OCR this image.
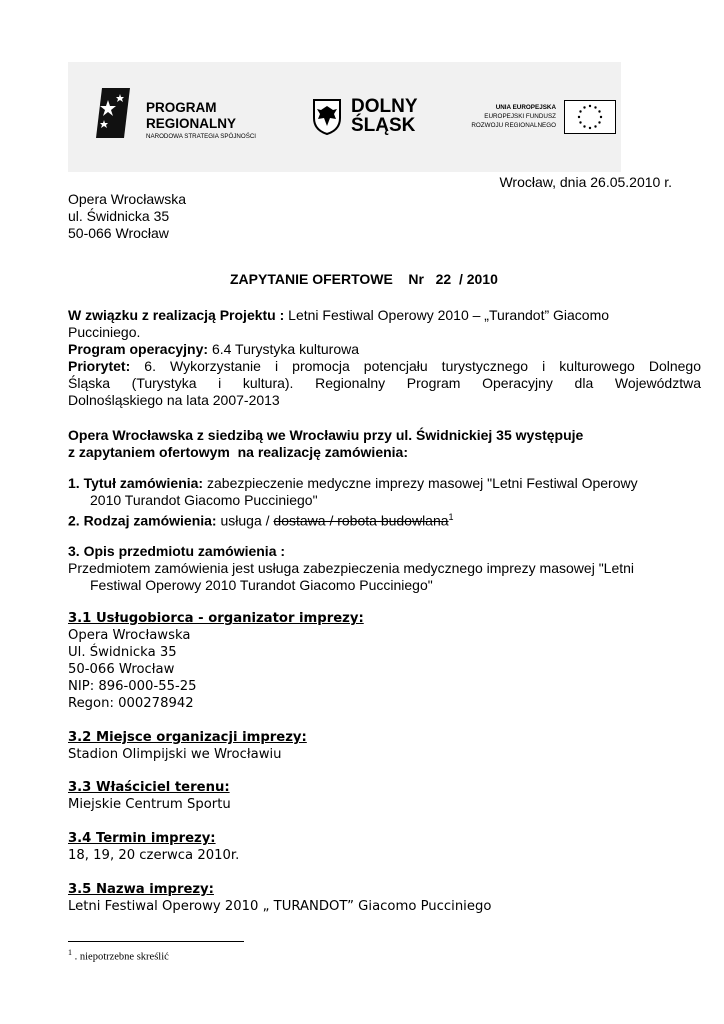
PROGRAM
REGIONALNY
NARODOWA STRATEGIA SPÓJNOŚCI
DOLNY
ŚLĄSK
UNIA EUROPEJSKA
EUROPEJSKI FUNDUSZ
ROZWOJU REGIONALNEGO
Wrocław, dnia 26.05.2010 r.
Opera Wrocławska
ul. Świdnicka 35
50-066 Wrocław
ZAPYTANIE OFERTOWE    Nr   22  / 2010
W związku z realizacją Projektu : Letni Festiwal Operowy 2010 – „Turandot” Giacomo
Pucciniego.
Program operacyjny: 6.4 Turystyka kulturowa
Priorytet: 6. Wykorzystanie i promocja potencjału turystycznego i kulturowego Dolnego
Śląska (Turystyka i kultura). Regionalny Program Operacyjny dla Województwa
Dolnośląskiego na lata 2007-2013
Opera Wrocławska z siedzibą we Wrocławiu przy ul. Świdnickiej 35 występuje
z zapytaniem ofertowym  na realizację zamówienia:
1. Tytuł zamówienia: zabezpieczenie medyczne imprezy masowej "Letni Festiwal Operowy
2010 Turandot Giacomo Pucciniego"
2. Rodzaj zamówienia: usługa / dostawa / robota budowlana$^1$
3. Opis przedmiotu zamówienia :
Przedmiotem zamówienia jest usługa zabezpieczenia medycznego imprezy masowej "Letni
Festiwal Operowy 2010 Turandot Giacomo Pucciniego"
3.1 Usługobiorca - organizator imprezy:
Opera Wrocławska
Ul. Świdnicka 35
50-066 Wrocław
NIP: 896-000-55-25
Regon: 000278942
3.2 Miejsce organizacji imprezy:
Stadion Olimpijski we Wrocławiu
3.3 Właściciel terenu:
Miejskie Centrum Sportu
3.4 Termin imprezy:
18, 19, 20 czerwca 2010r.
3.5 Nazwa imprezy:
Letni Festiwal Operowy 2010 „ TURANDOT” Giacomo Pucciniego
$^1$ . niepotrzebne skreślić
